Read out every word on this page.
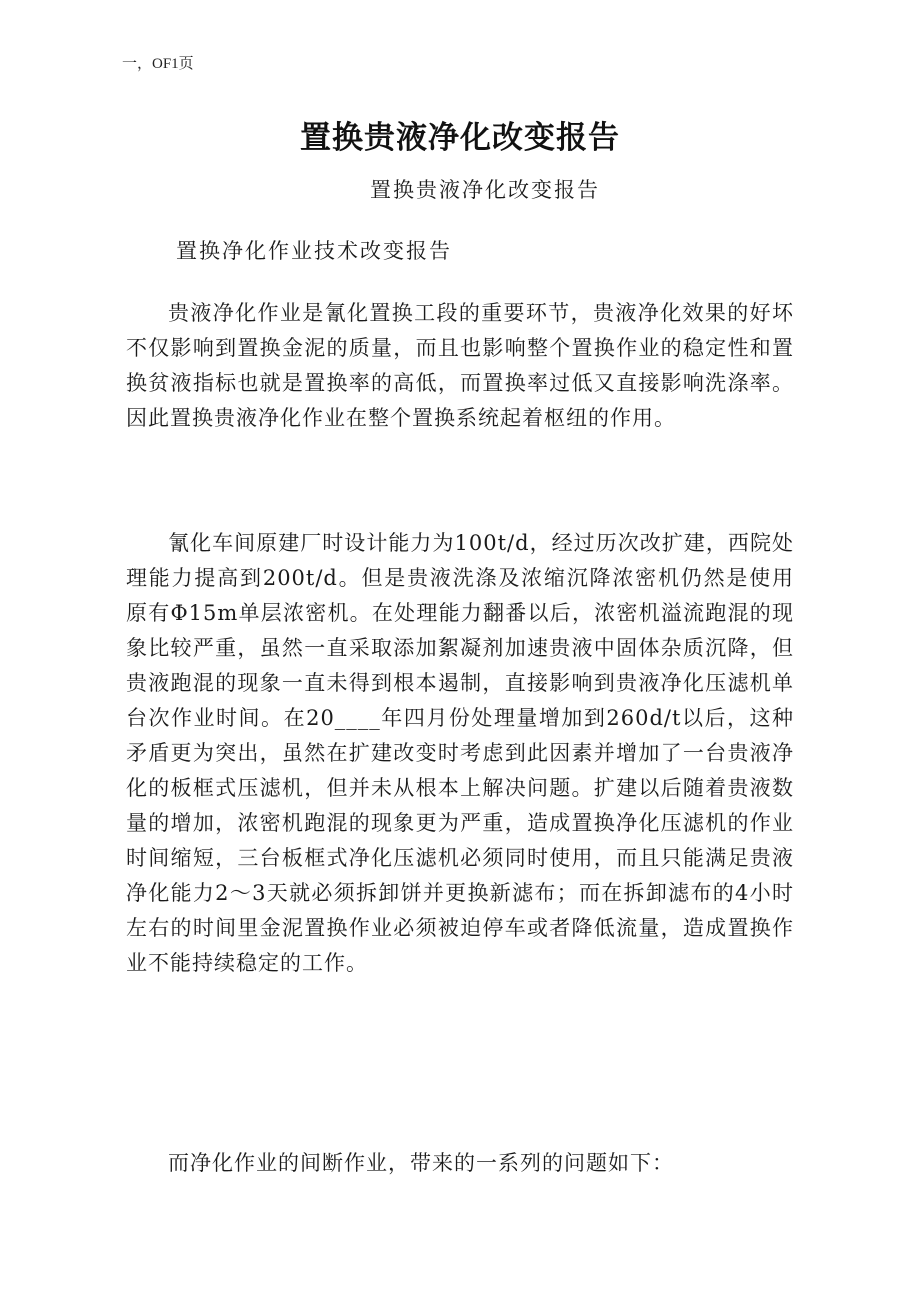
一，OF1页
置换贵液净化改变报告
置换贵液净化改变报告
置换净化作业技术改变报告

贵液净化作业是氰化置换工段的重要环节，贵液净化效果的好坏不仅影响到置换金泥的质量，而且也影响整个置换作业的稳定性和置换贫液指标也就是置换率的高低，而置换率过低又直接影响洗涤率。因此置换贵液净化作业在整个置换系统起着枢纽的作用。

氰化车间原建厂时设计能力为100t/d，经过历次改扩建，西院处理能力提高到200t/d。但是贵液洗涤及浓缩沉降浓密机仍然是使用原有Φ15m单层浓密机。在处理能力翻番以后，浓密机溢流跑混的现象比较严重，虽然一直采取添加絮凝剂加速贵液中固体杂质沉降，但贵液跑混的现象一直未得到根本遏制，直接影响到贵液净化压滤机单台次作业时间。在20____年四月份处理量增加到260d/t以后，这种矛盾更为突出，虽然在扩建改变时考虑到此因素并增加了一台贵液净化的板框式压滤机，但并未从根本上解决问题。扩建以后随着贵液数量的增加，浓密机跑混的现象更为严重，造成置换净化压滤机的作业时间缩短，三台板框式净化压滤机必须同时使用，而且只能满足贵液净化能力2～3天就必须拆卸饼并更换新滤布；而在拆卸滤布的4小时左右的时间里金泥置换作业必须被迫停车或者降低流量，造成置换作业不能持续稳定的工作。

而净化作业的间断作业，带来的一系列的问题如下：
